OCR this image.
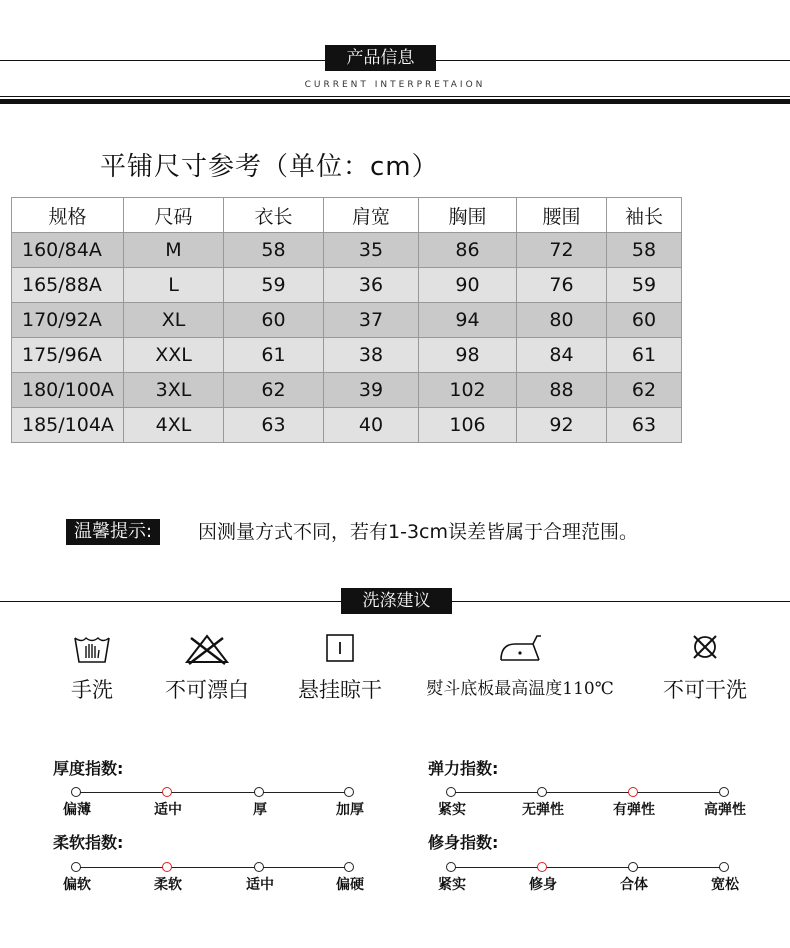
产品信息
CURRENT INTERPRETAION
平铺尺寸参考（单位：cm）
规格	尺码	衣长	肩宽	胸围	腰围	袖长
160/84A	M	58	35	86	72	58
165/88A	L	59	36	90	76	59
170/92A	XL	60	37	94	80	60
175/96A	XXL	61	38	98	84	61
180/100A	3XL	62	39	102	88	62
185/104A	4XL	63	40	106	92	63
温馨提示:	因测量方式不同，若有1-3cm误差皆属于合理范围。
洗涤建议
手洗	不可漂白	悬挂晾干	熨斗底板最高温度110℃	不可干洗
厚度指数:
偏薄	适中	厚	加厚
弹力指数:
紧实	无弹性	有弹性	高弹性
柔软指数:
偏软	柔软	适中	偏硬
修身指数:
紧实	修身	合体	宽松
